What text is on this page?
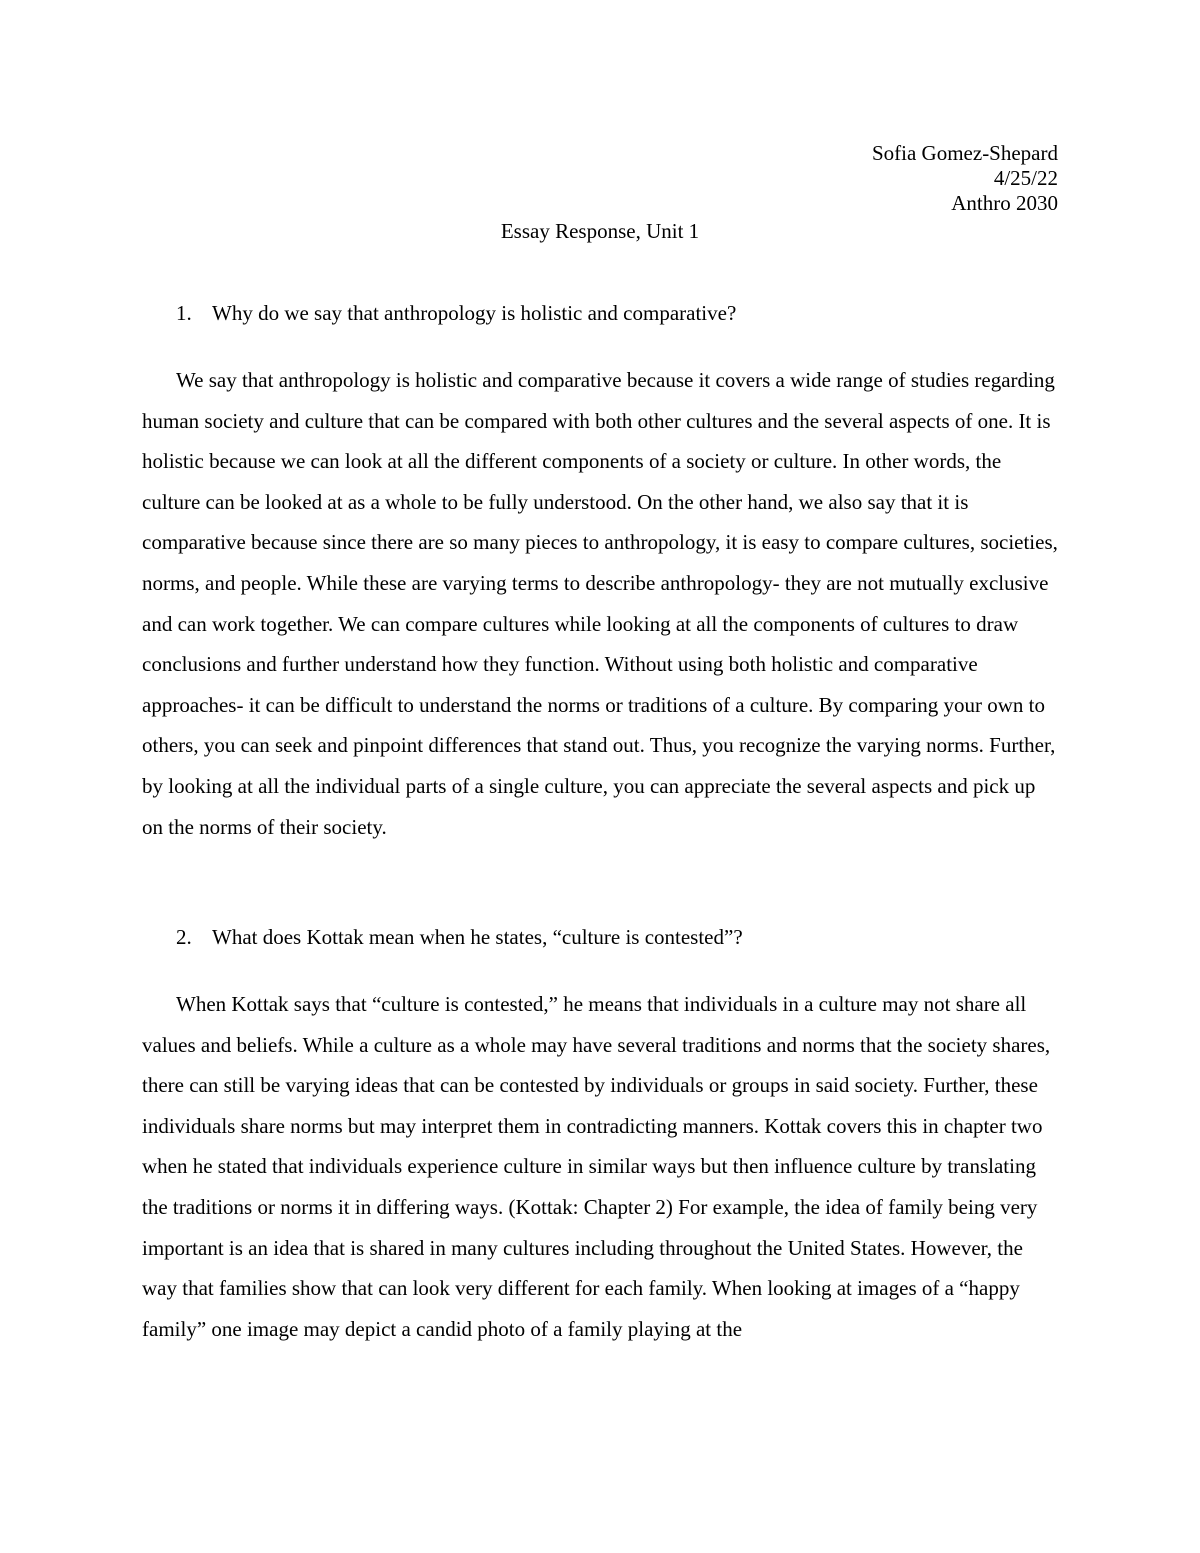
Sofia Gomez-Shepard
4/25/22
Anthro 2030
Essay Response, Unit 1
1. Why do we say that anthropology is holistic and comparative?

We say that anthropology is holistic and comparative because it covers a wide range of studies regarding human society and culture that can be compared with both other cultures and the several aspects of one. It is holistic because we can look at all the different components of a society or culture. In other words, the culture can be looked at as a whole to be fully understood. On the other hand, we also say that it is comparative because since there are so many pieces to anthropology, it is easy to compare cultures, societies, norms, and people. While these are varying terms to describe anthropology- they are not mutually exclusive and can work together. We can compare cultures while looking at all the components of cultures to draw conclusions and further understand how they function. Without using both holistic and comparative approaches- it can be difficult to understand the norms or traditions of a culture. By comparing your own to others, you can seek and pinpoint differences that stand out. Thus, you recognize the varying norms. Further, by looking at all the individual parts of a single culture, you can appreciate the several aspects and pick up on the norms of their society.

2. What does Kottak mean when he states, “culture is contested”?

When Kottak says that “culture is contested,” he means that individuals in a culture may not share all values and beliefs. While a culture as a whole may have several traditions and norms that the society shares, there can still be varying ideas that can be contested by individuals or groups in said society. Further, these individuals share norms but may interpret them in contradicting manners. Kottak covers this in chapter two when he stated that individuals experience culture in similar ways but then influence culture by translating the traditions or norms it in differing ways. (Kottak: Chapter 2) For example, the idea of family being very important is an idea that is shared in many cultures including throughout the United States. However, the way that families show that can look very different for each family. When looking at images of a “happy family” one image may depict a candid photo of a family playing at the
